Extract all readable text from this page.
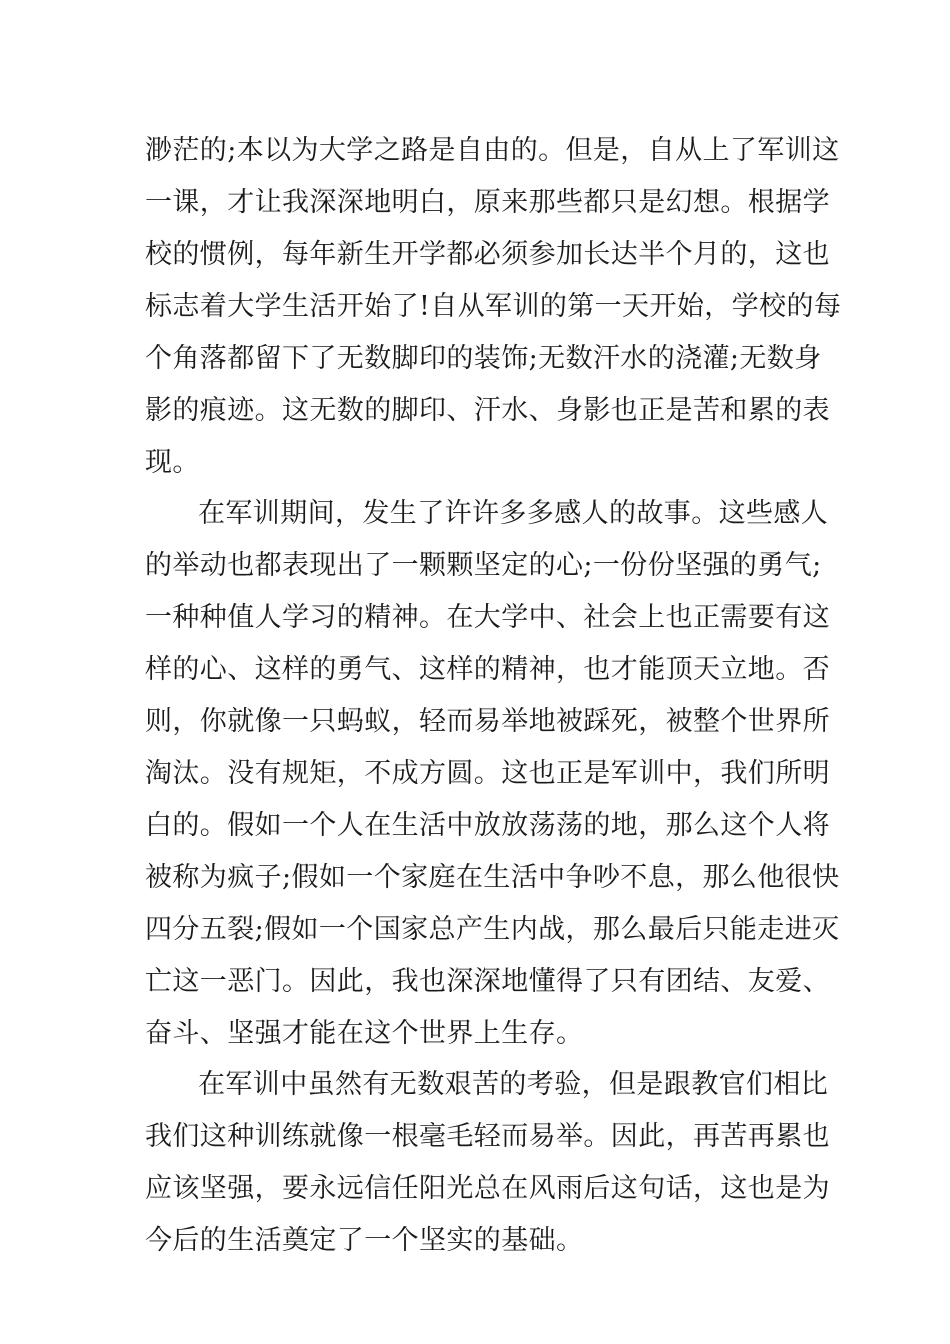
渺茫的;本以为大学之路是自由的。但是，自从上了军训这
一课，才让我深深地明白，原来那些都只是幻想。根据学
校的惯例，每年新生开学都必须参加长达半个月的，这也
标志着大学生活开始了!自从军训的第一天开始，学校的每
个角落都留下了无数脚印的装饰;无数汗水的浇灌;无数身
影的痕迹。这无数的脚印、汗水、身影也正是苦和累的表
现。
在军训期间，发生了许许多多感人的故事。这些感人
的举动也都表现出了一颗颗坚定的心;一份份坚强的勇气;
一种种值人学习的精神。在大学中、社会上也正需要有这
样的心、这样的勇气、这样的精神，也才能顶天立地。否
则，你就像一只蚂蚁，轻而易举地被踩死，被整个世界所
淘汰。没有规矩，不成方圆。这也正是军训中，我们所明
白的。假如一个人在生活中放放荡荡的地，那么这个人将
被称为疯子;假如一个家庭在生活中争吵不息，那么他很快
四分五裂;假如一个国家总产生内战，那么最后只能走进灭
亡这一恶门。因此，我也深深地懂得了只有团结、友爱、
奋斗、坚强才能在这个世界上生存。
在军训中虽然有无数艰苦的考验，但是跟教官们相比
我们这种训练就像一根毫毛轻而易举。因此，再苦再累也
应该坚强，要永远信任阳光总在风雨后这句话，这也是为
今后的生活奠定了一个坚实的基础。
